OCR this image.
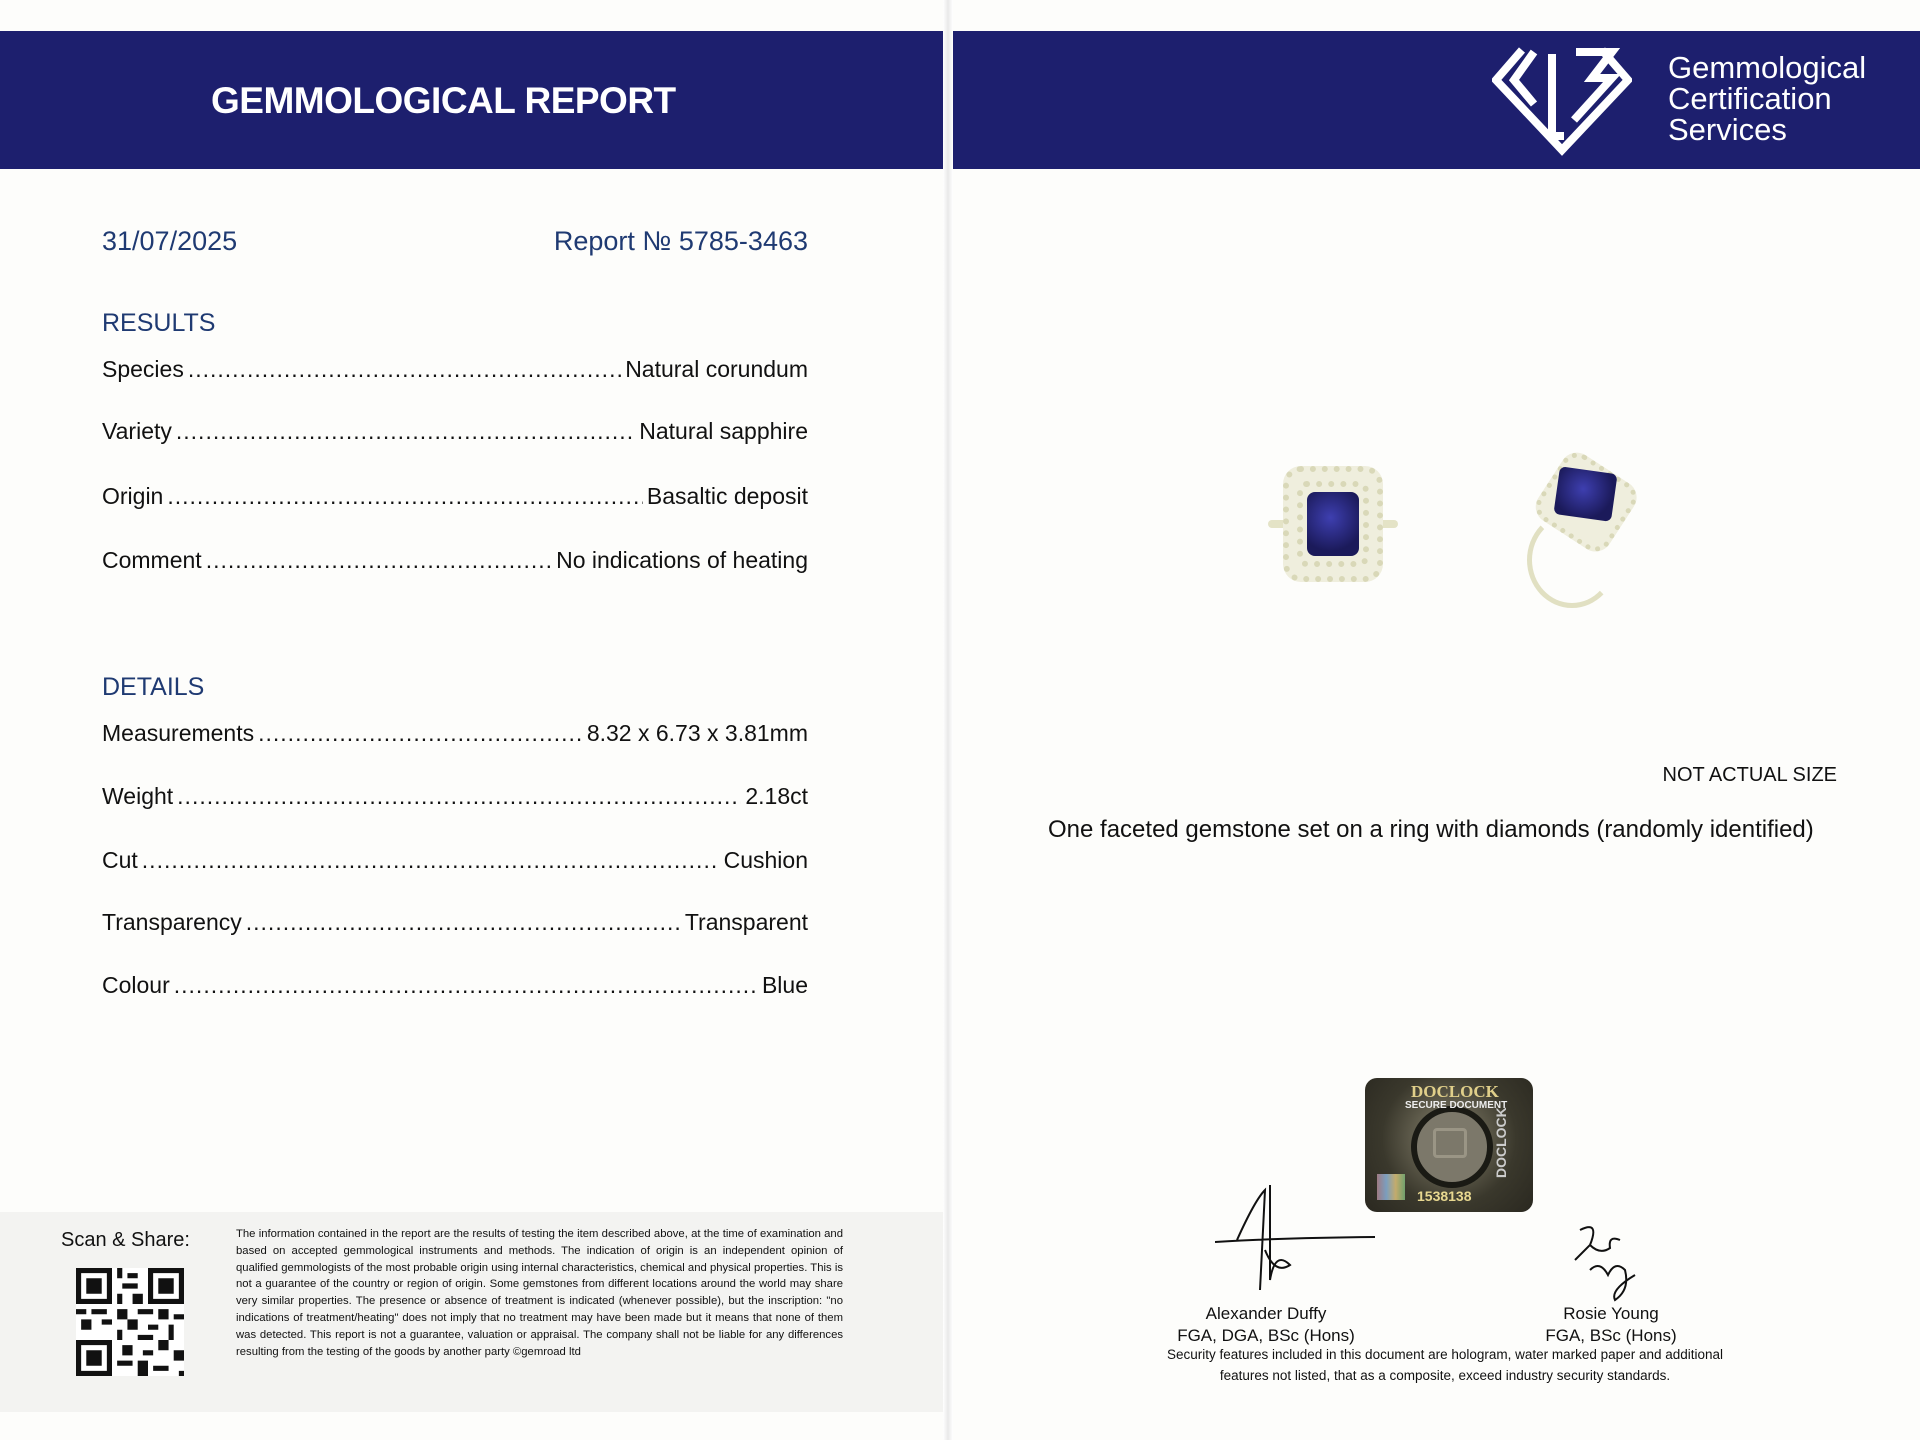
GEMMOLOGICAL REPORT
Gemmological
Certification
Services
31/07/2025	Report № 5785-3463
RESULTS
Species .....	Natural corundum
Variety .....	Natural sapphire
Origin .....	Basaltic deposit
Comment .....	No indications of heating
DETAILS
Measurements .....	8.32 x 6.73 x 3.81mm
Weight .....	2.18ct
Cut .....	Cushion
Transparency .....	Transparent
Colour .....	Blue
Scan & Share:	The information contained in the report are the results of testing the item described above, at the time of examination and based on accepted gemmological instruments and methods. The indication of origin is an independent opinion of qualified gemmologists of the most probable origin using internal characteristics, chemical and physical properties. This is not a guarantee of the country or region of origin. Some gemstones from different locations around the world may share very similar properties. The presence or absence of treatment is indicated (whenever possible), but the inscription: "no indications of treatment/heating" does not imply that no treatment may have been made but it means that none of them was detected. This report is not a guarantee, valuation or appraisal. The company shall not be liable for any differences resulting from the testing of the goods by another party ©gemroad ltd
NOT ACTUAL SIZE
One faceted gemstone set on a ring with diamonds (randomly identified)
DOCLOCK
SECURE DOCUMENT
DOCLOCK
1538138
Alexander Duffy
FGA, DGA, BSc (Hons)
Rosie Young
FGA, BSc (Hons)
Security features included in this document are hologram, water marked paper and additional
features not listed, that as a composite, exceed industry security standards.
